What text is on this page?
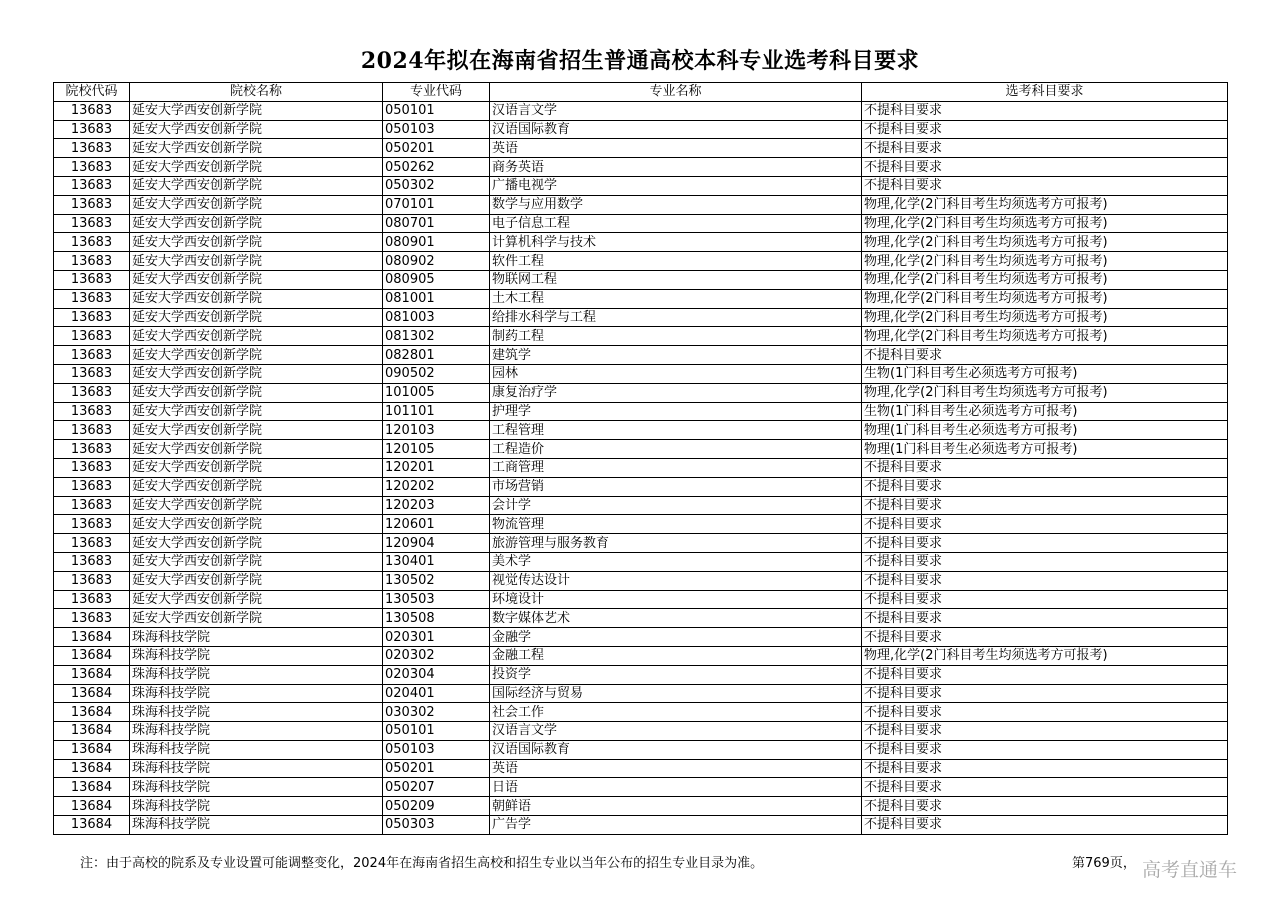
2024年拟在海南省招生普通高校本科专业选考科目要求
院校代码	院校名称	专业代码	专业名称	选考科目要求
13683	延安大学西安创新学院	050101	汉语言文学	不提科目要求
13683	延安大学西安创新学院	050103	汉语国际教育	不提科目要求
13683	延安大学西安创新学院	050201	英语	不提科目要求
13683	延安大学西安创新学院	050262	商务英语	不提科目要求
13683	延安大学西安创新学院	050302	广播电视学	不提科目要求
13683	延安大学西安创新学院	070101	数学与应用数学	物理,化学(2门科目考生均须选考方可报考)
13683	延安大学西安创新学院	080701	电子信息工程	物理,化学(2门科目考生均须选考方可报考)
13683	延安大学西安创新学院	080901	计算机科学与技术	物理,化学(2门科目考生均须选考方可报考)
13683	延安大学西安创新学院	080902	软件工程	物理,化学(2门科目考生均须选考方可报考)
13683	延安大学西安创新学院	080905	物联网工程	物理,化学(2门科目考生均须选考方可报考)
13683	延安大学西安创新学院	081001	土木工程	物理,化学(2门科目考生均须选考方可报考)
13683	延安大学西安创新学院	081003	给排水科学与工程	物理,化学(2门科目考生均须选考方可报考)
13683	延安大学西安创新学院	081302	制药工程	物理,化学(2门科目考生均须选考方可报考)
13683	延安大学西安创新学院	082801	建筑学	不提科目要求
13683	延安大学西安创新学院	090502	园林	生物(1门科目考生必须选考方可报考)
13683	延安大学西安创新学院	101005	康复治疗学	物理,化学(2门科目考生均须选考方可报考)
13683	延安大学西安创新学院	101101	护理学	生物(1门科目考生必须选考方可报考)
13683	延安大学西安创新学院	120103	工程管理	物理(1门科目考生必须选考方可报考)
13683	延安大学西安创新学院	120105	工程造价	物理(1门科目考生必须选考方可报考)
13683	延安大学西安创新学院	120201	工商管理	不提科目要求
13683	延安大学西安创新学院	120202	市场营销	不提科目要求
13683	延安大学西安创新学院	120203	会计学	不提科目要求
13683	延安大学西安创新学院	120601	物流管理	不提科目要求
13683	延安大学西安创新学院	120904	旅游管理与服务教育	不提科目要求
13683	延安大学西安创新学院	130401	美术学	不提科目要求
13683	延安大学西安创新学院	130502	视觉传达设计	不提科目要求
13683	延安大学西安创新学院	130503	环境设计	不提科目要求
13683	延安大学西安创新学院	130508	数字媒体艺术	不提科目要求
13684	珠海科技学院	020301	金融学	不提科目要求
13684	珠海科技学院	020302	金融工程	物理,化学(2门科目考生均须选考方可报考)
13684	珠海科技学院	020304	投资学	不提科目要求
13684	珠海科技学院	020401	国际经济与贸易	不提科目要求
13684	珠海科技学院	030302	社会工作	不提科目要求
13684	珠海科技学院	050101	汉语言文学	不提科目要求
13684	珠海科技学院	050103	汉语国际教育	不提科目要求
13684	珠海科技学院	050201	英语	不提科目要求
13684	珠海科技学院	050207	日语	不提科目要求
13684	珠海科技学院	050209	朝鲜语	不提科目要求
13684	珠海科技学院	050303	广告学	不提科目要求
注：由于高校的院系及专业设置可能调整变化，2024年在海南省招生高校和招生专业以当年公布的招生专业目录为准。	第769页， 高考直通车
